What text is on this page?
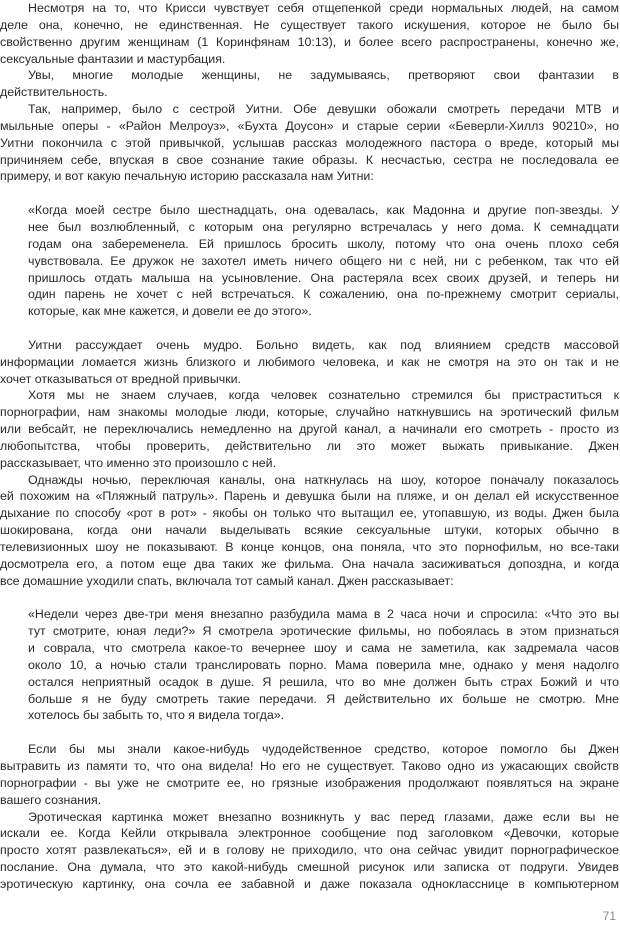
Несмотря на то, что Крисси чувствует себя отщепенкой среди нормальных людей, на самом
деле она, конечно, не единственная. Не существует такого искушения, которое не было бы
свойственно другим женщинам (1 Коринфянам 10:13), и более всего распространены, конечно же,
сексуальные фантазии и мастурбация.
Увы, многие молодые женщины, не задумываясь, претворяют свои фантазии в
действительность.
Так, например, было с сестрой Уитни. Обе девушки обожали смотреть передачи МТВ и
мыльные оперы - «Район Мелроуз», «Бухта Доусон» и старые серии «Беверли-Хиллз 90210», но
Уитни покончила с этой привычкой, услышав рассказ молодежного пастора о вреде, который мы
причиняем себе, впуская в свое сознание такие образы. К несчастью, сестра не последовала ее
примеру, и вот какую печальную историю рассказала нам Уитни:
«Когда моей сестре было шестнадцать, она одевалась, как Мадонна и другие поп-звезды. У
нее был возлюбленный, с которым она регулярно встречалась у него дома. К семнадцати
годам она забеременела. Ей пришлось бросить школу, потому что она очень плохо себя
чувствовала. Ее дружок не захотел иметь ничего общего ни с ней, ни с ребенком, так что ей
пришлось отдать малыша на усыновление. Она растеряла всех своих друзей, и теперь ни
один парень не хочет с ней встречаться. К сожалению, она по-прежнему смотрит сериалы,
которые, как мне кажется, и довели ее до этого».
Уитни рассуждает очень мудро. Больно видеть, как под влиянием средств массовой
информации ломается жизнь близкого и любимого человека, и как не смотря на это он так и не
хочет отказываться от вредной привычки.
Хотя мы не знаем случаев, когда человек сознательно стремился бы пристраститься к
порнографии, нам знакомы молодые люди, которые, случайно наткнувшись на эротический фильм
или вебсайт, не переключались немедленно на другой канал, а начинали его смотреть - просто из
любопытства, чтобы проверить, действительно ли это может выжать привыкание. Джен
рассказывает, что именно это произошло с ней.
Однажды ночью, переключая каналы, она наткнулась на шоу, которое поначалу показалось
ей похожим на «Пляжный патруль». Парень и девушка были на пляже, и он делал ей искусственное
дыхание по способу «рот в рот» - якобы он только что вытащил ее, утопавшую, из воды. Джен была
шокирована, когда они начали выделывать всякие сексуальные штуки, которых обычно в
телевизионных шоу не показывают. В конце концов, она поняла, что это порнофильм, но все-таки
досмотрела его, а потом еще два таких же фильма. Она начала засиживаться допоздна, и когда
все домашние уходили спать, включала тот самый канал. Джен рассказывает:
«Недели через две-три меня внезапно разбудила мама в 2 часа ночи и спросила: «Что это вы
тут смотрите, юная леди?» Я смотрела эротические фильмы, но побоялась в этом признаться
и соврала, что смотрела какое-то вечернее шоу и сама не заметила, как задремала часов
около 10, а ночью стали транслировать порно. Мама поверила мне, однако у меня надолго
остался неприятный осадок в душе. Я решила, что во мне должен быть страх Божий и что
больше я не буду смотреть такие передачи. Я действительно их больше не смотрю. Мне
хотелось бы забыть то, что я видела тогда».
Если бы мы знали какое-нибудь чудодейственное средство, которое помогло бы Джен
вытравить из памяти то, что она видела! Но его не существует. Таково одно из ужасающих свойств
порнографии - вы уже не смотрите ее, но грязные изображения продолжают появляться на экране
вашего сознания.
Эротическая картинка может внезапно возникнуть у вас перед глазами, даже если вы не
искали ее. Когда Кейли открывала электронное сообщение под заголовком «Девочки, которые
просто хотят развлекаться», ей и в голову не приходило, что она сейчас увидит порнографическое
послание. Она думала, что это какой-нибудь смешной рисунок или записка от подруги. Увидев
эротическую картинку, она сочла ее забавной и даже показала однокласснице в компьютерном
71
